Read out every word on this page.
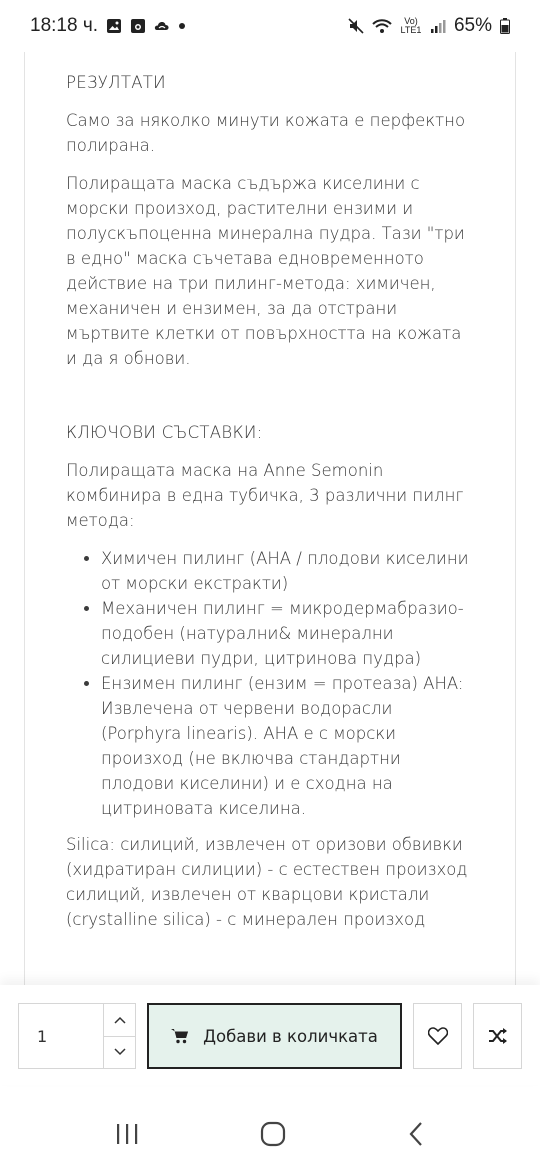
18:18 ч.	Vo) LTE1 65%

РЕЗУЛТАТИ

Само за няколко минути кожата е перфектно полирана.

Полиращата маска съдържа киселини с морски произход, растителни ензими и полускъпоценна минерална пудра. Тази "три в едно" маска съчетава едновременното действие на три пилинг-метода: химичен, механичен и ензимен, за да отстрани мъртвите клетки от повърхността на кожата и да я обнови.

КЛЮЧОВИ СЪСТАВКИ:

Полиращата маска на Anne Semonin комбинира в една тубичка, 3 различни пилнг метода:

• Химичен пилинг (AHA / плодови киселини от морски екстракти)
• Механичен пилинг = микродермабразио-подобен (натурални& минерални силициеви пудри, цитринова пудра)
• Ензимен пилинг (ензим = протеаза) AHA: Извлечена от червени водорасли (Porphyra linearis). AHA е с морски произход (не включва стандартни плодови киселини) и е сходна на цитриновата киселина.

Silica: силиций, извлечен от оризови обвивки (хидратиран силиции) - с естествен произход силиций, извлечен от кварцови кристали (crystalline silica) - с минерален произход

1	Добави в количката
